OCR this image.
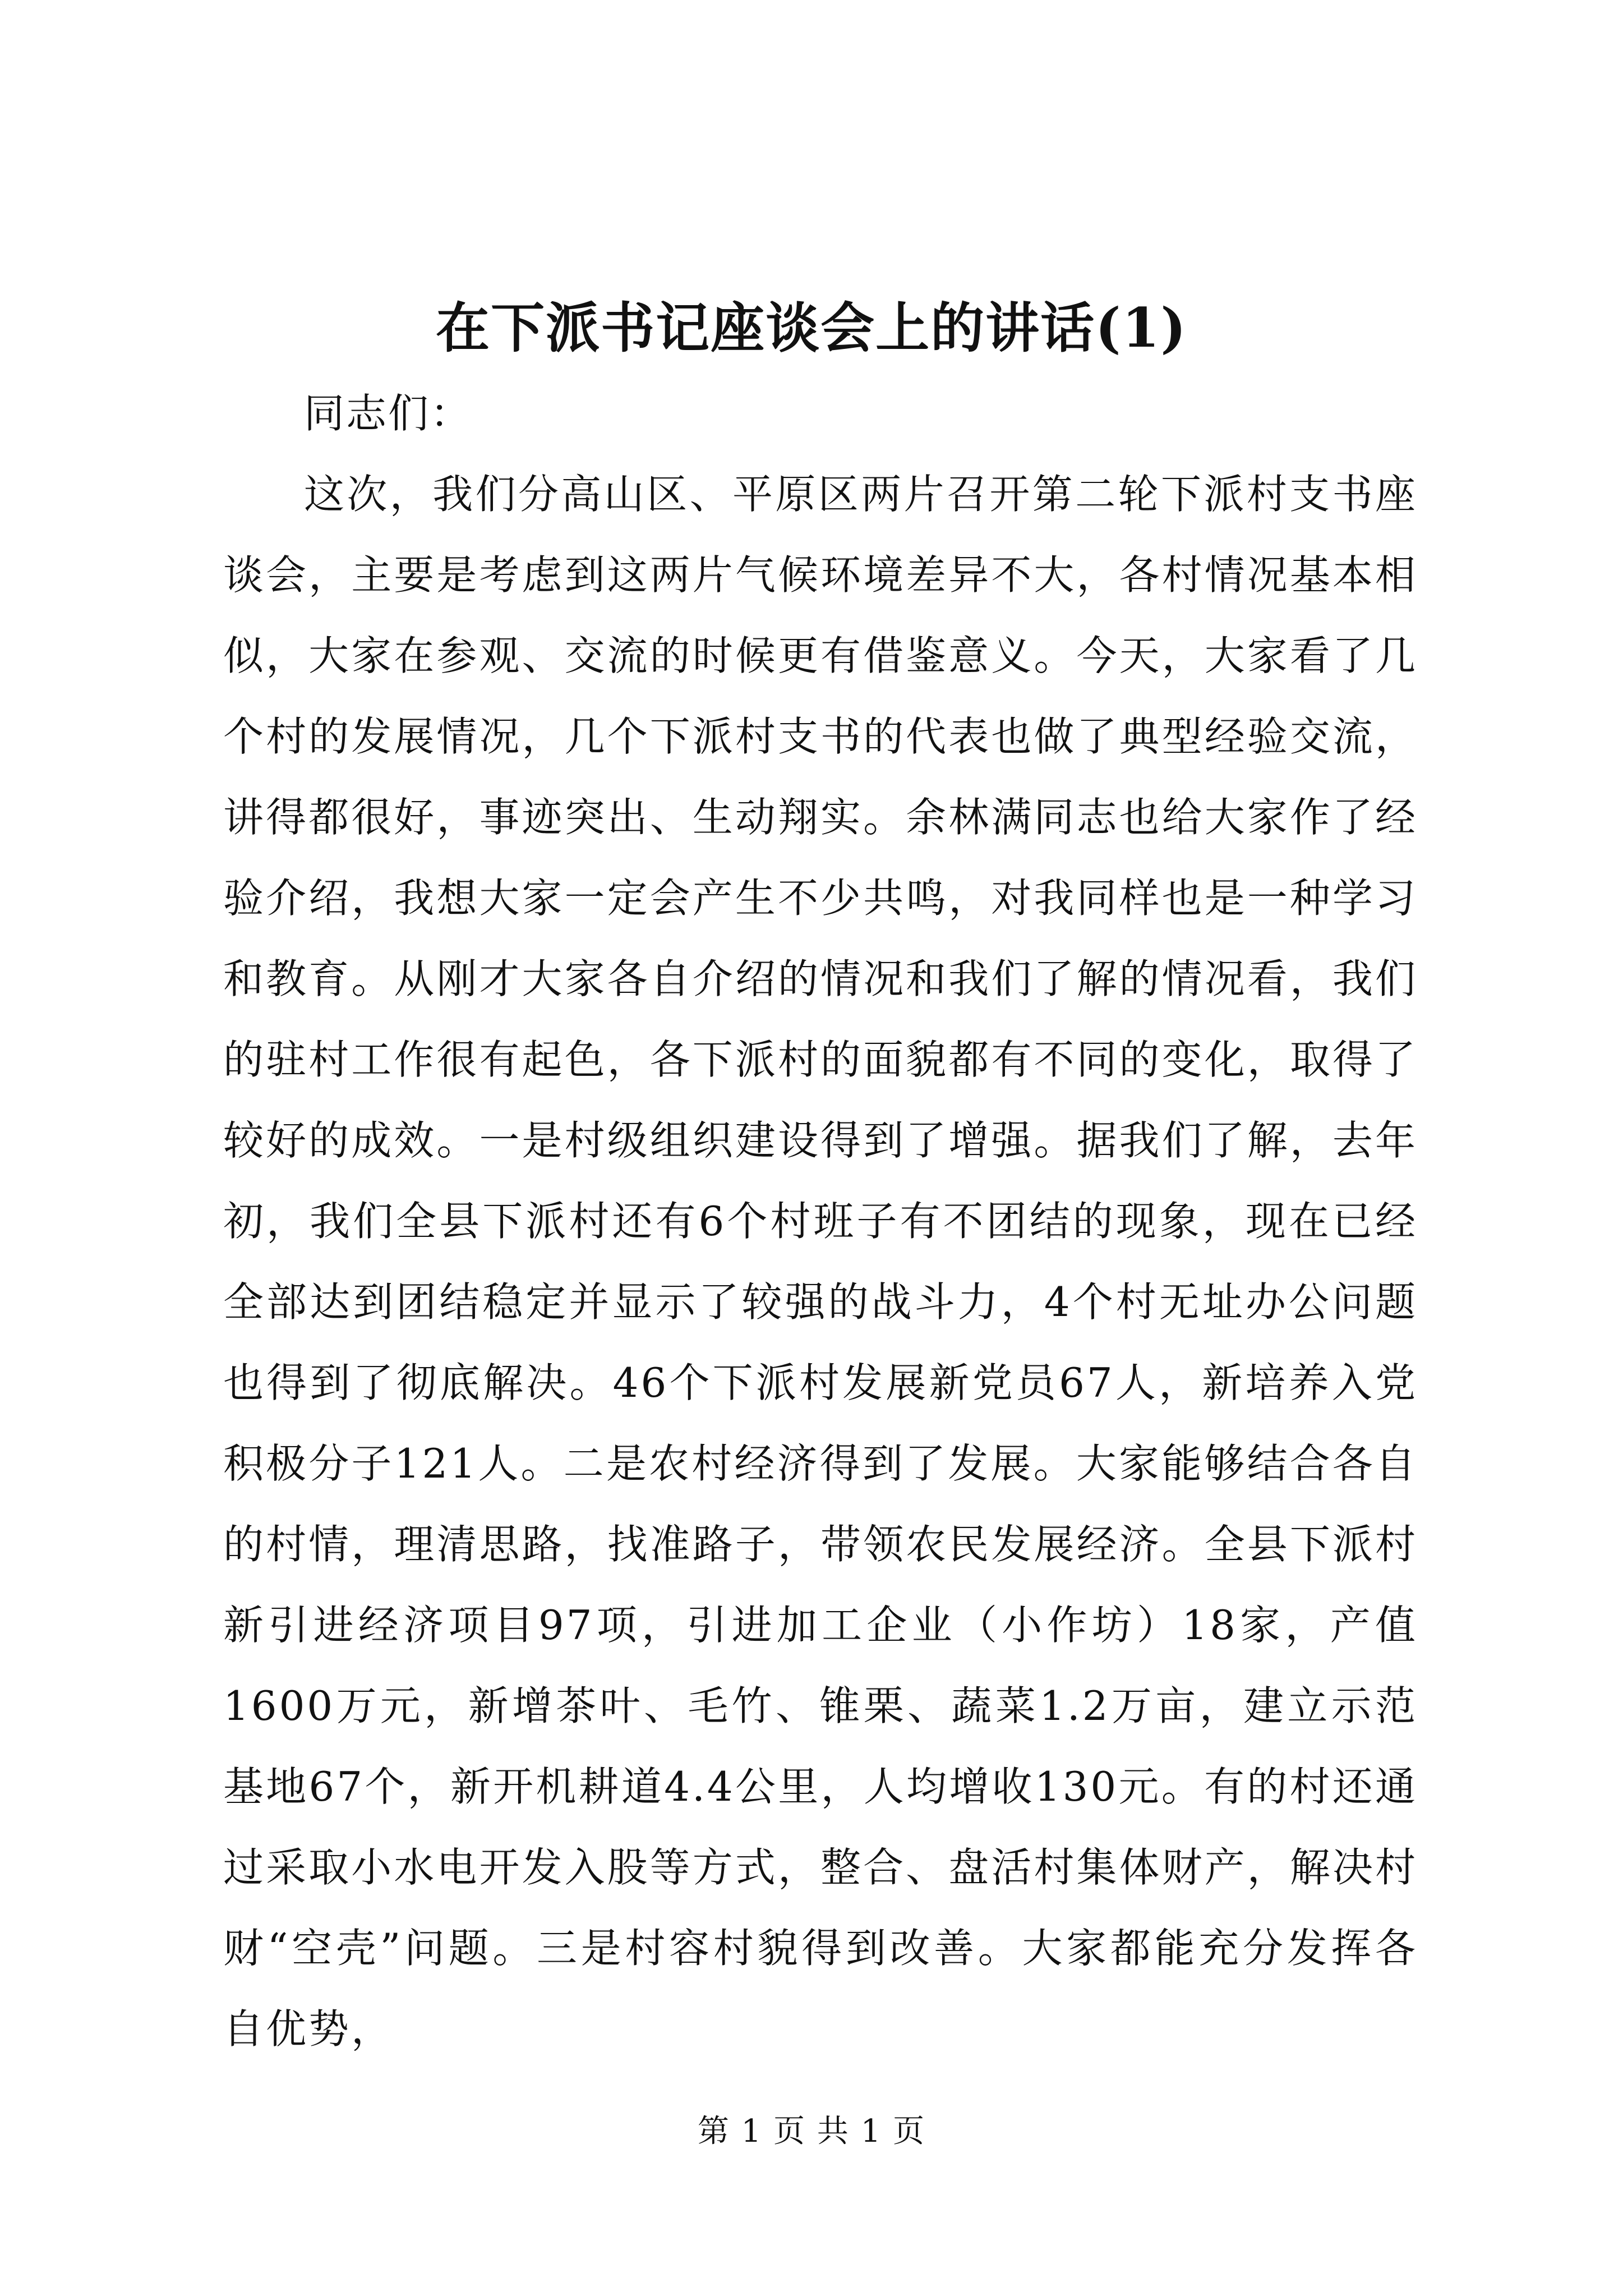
在下派书记座谈会上的讲话(1)

同志们：

这次，我们分高山区、平原区两片召开第二轮下派村支书座谈会，主要是考虑到这两片气候环境差异不大，各村情况基本相似，大家在参观、交流的时候更有借鉴意义。今天，大家看了几个村的发展情况，几个下派村支书的代表也做了典型经验交流，讲得都很好，事迹突出、生动翔实。余林满同志也给大家作了经验介绍，我想大家一定会产生不少共鸣，对我同样也是一种学习和教育。从刚才大家各自介绍的情况和我们了解的情况看，我们的驻村工作很有起色，各下派村的面貌都有不同的变化，取得了较好的成效。一是村级组织建设得到了增强。据我们了解，去年初，我们全县下派村还有6个村班子有不团结的现象，现在已经全部达到团结稳定并显示了较强的战斗力，4个村无址办公问题也得到了彻底解决。46个下派村发展新党员67人，新培养入党积极分子121人。二是农村经济得到了发展。大家能够结合各自的村情，理清思路，找准路子，带领农民发展经济。全县下派村新引进经济项目97项，引进加工企业（小作坊）18家，产值1600万元，新增茶叶、毛竹、锥栗、蔬菜1.2万亩，建立示范基地67个，新开机耕道4.4公里，人均增收130元。有的村还通过采取小水电开发入股等方式，整合、盘活村集体财产，解决村财“空壳”问题。三是村容村貌得到改善。大家都能充分发挥各自优势，

第 1 页 共 1 页
